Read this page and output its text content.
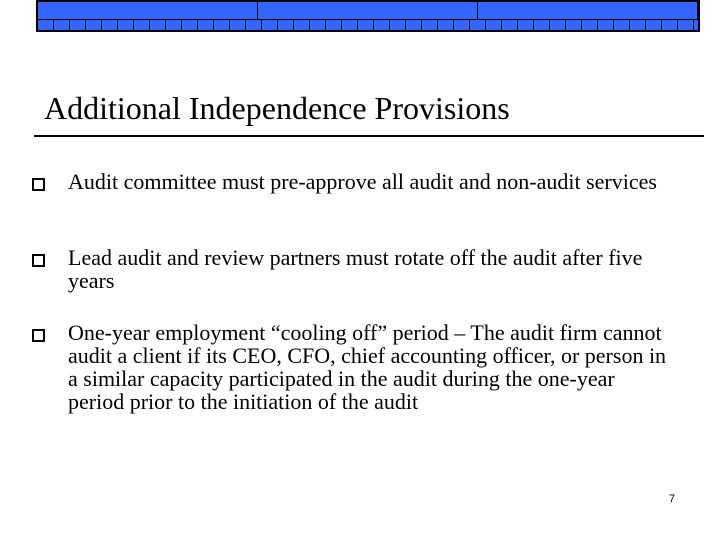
Additional Independence Provisions
Audit committee must pre-approve all audit and non-audit services
Lead audit and review partners must rotate off the audit after five years
One-year employment “cooling off” period – The audit firm cannot audit a client if its CEO, CFO, chief accounting officer, or person in a similar capacity participated in the audit during the one-year period prior to the initiation of the audit
7
